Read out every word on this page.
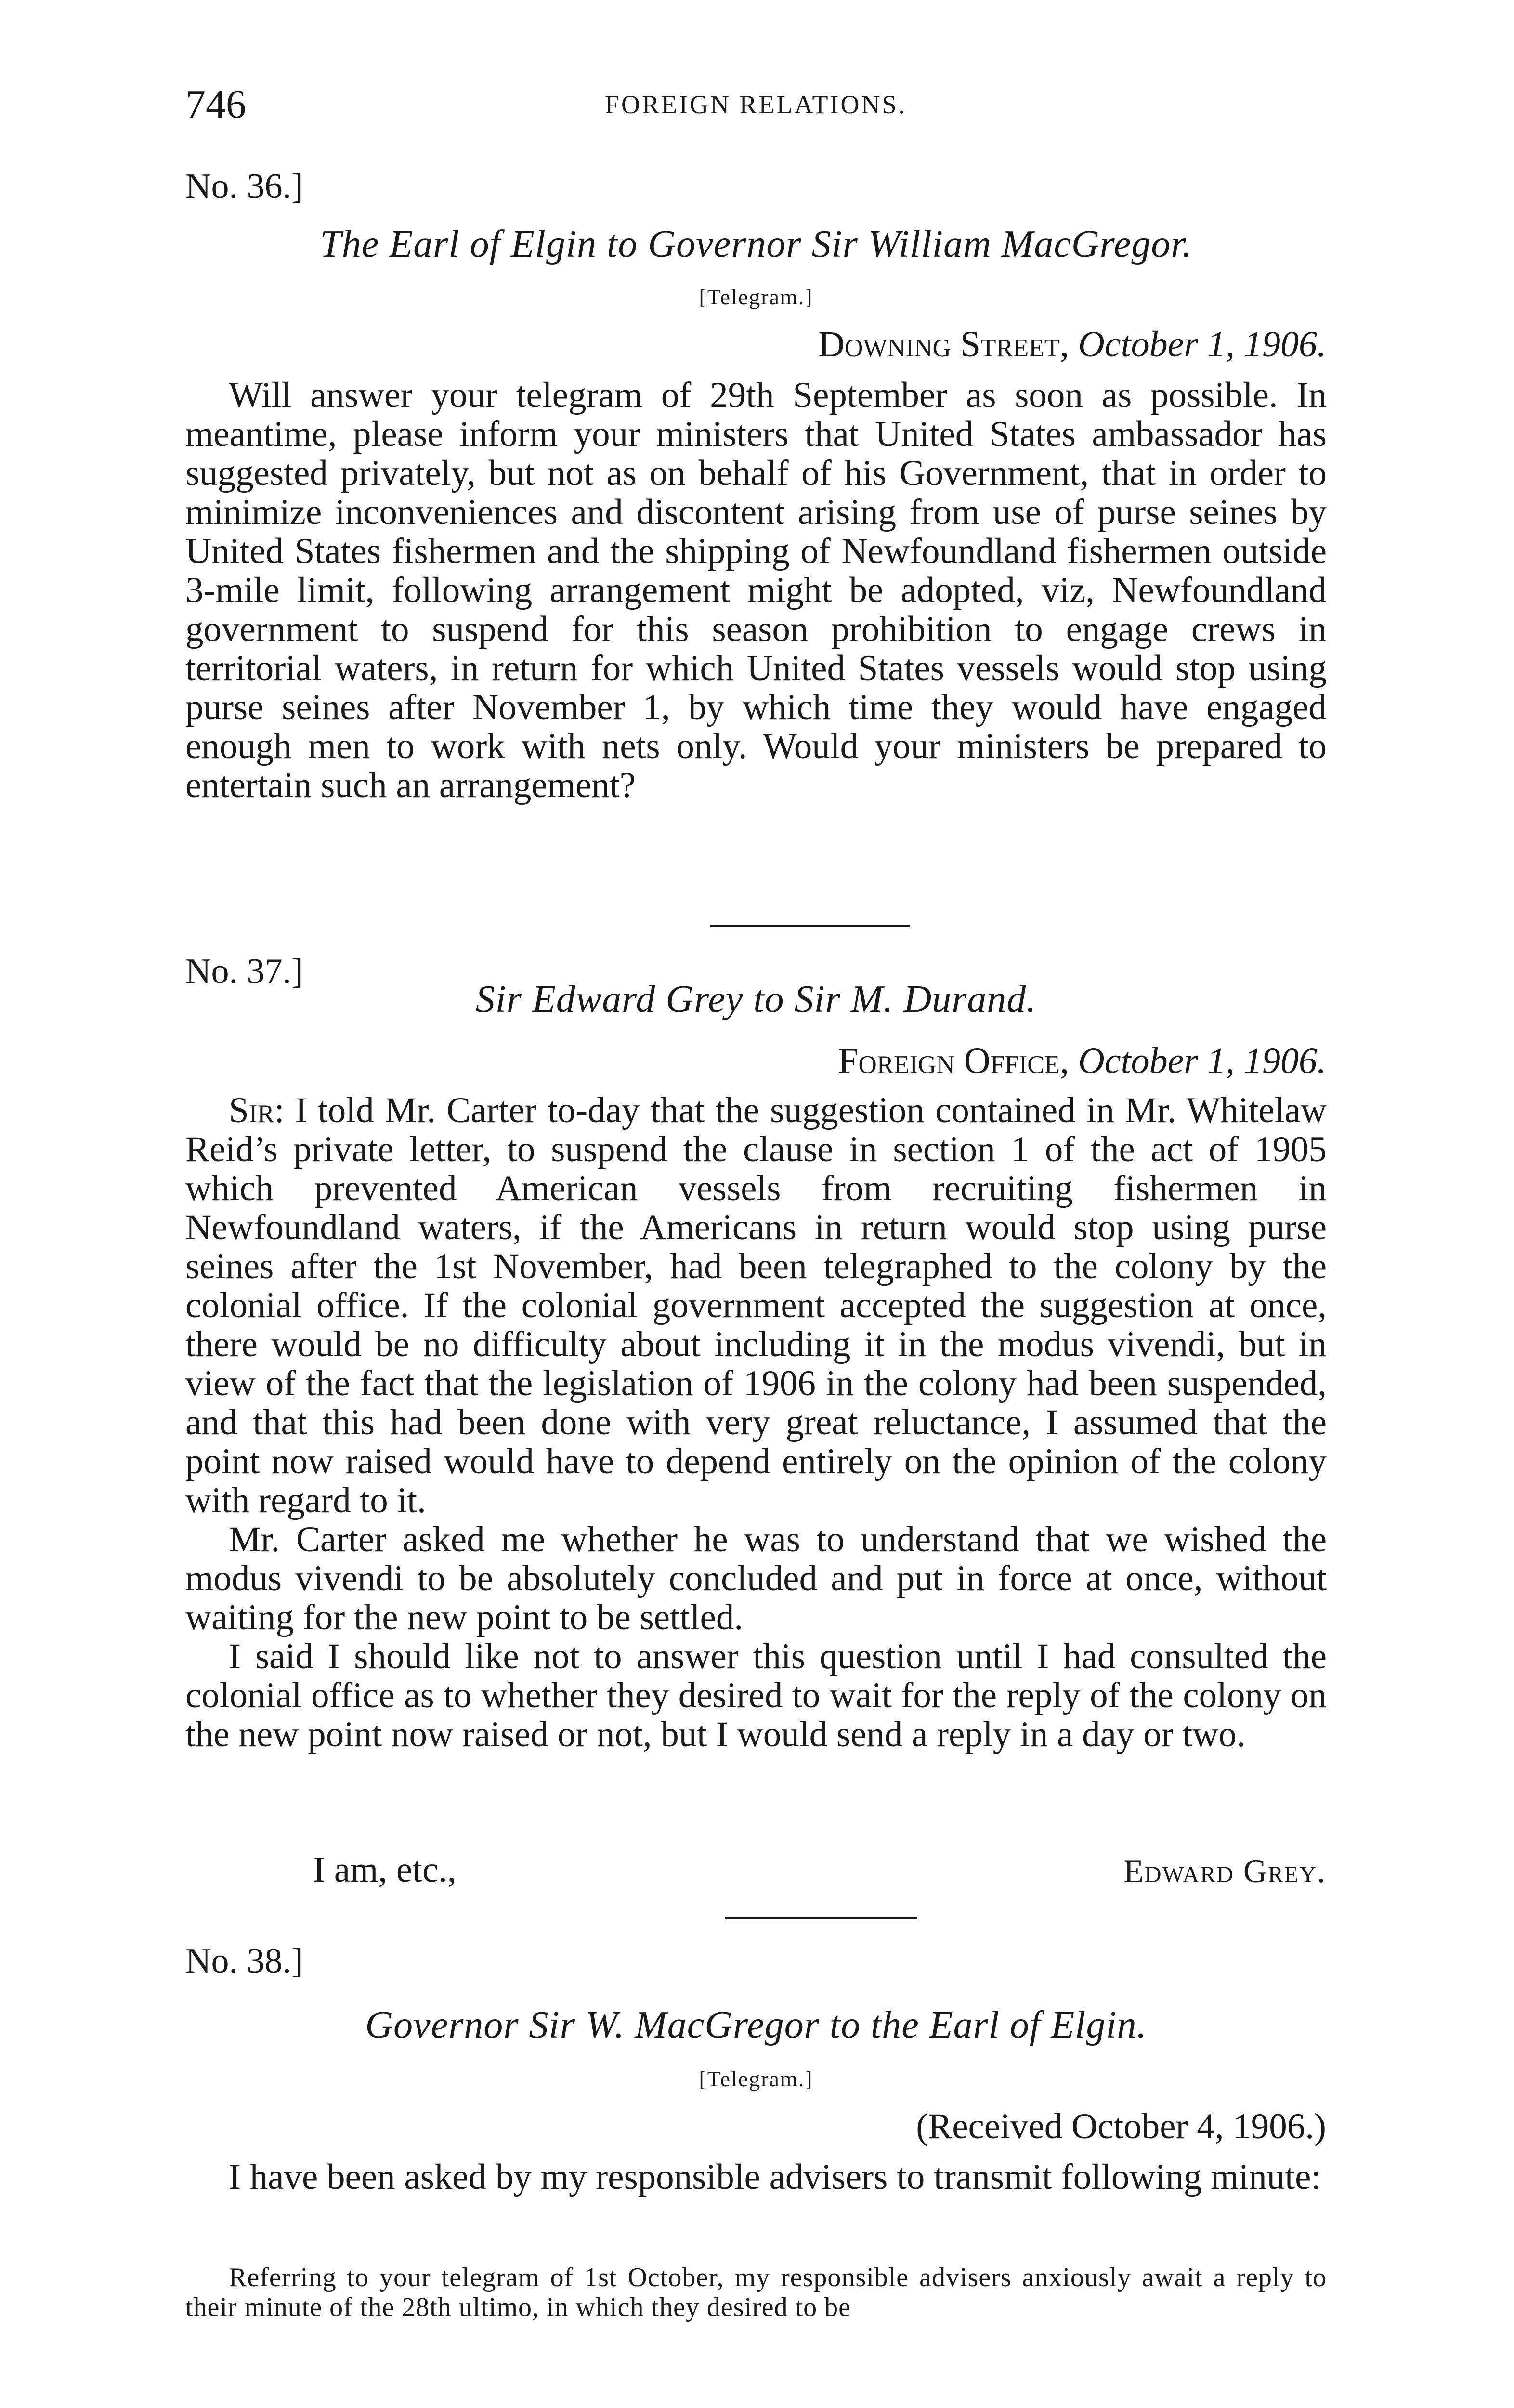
746	FOREIGN RELATIONS.
No. 36.]
The Earl of Elgin to Governor Sir William MacGregor.
[Telegram.]
Downing Street, October 1, 1906.

Will answer your telegram of 29th September as soon as possible. In meantime, please inform your ministers that United States ambassador has suggested privately, but not as on behalf of his Government, that in order to minimize inconveniences and discontent arising from use of purse seines by United States fishermen and the shipping of Newfoundland fishermen outside 3-mile limit, following arrangement might be adopted, viz, Newfoundland government to suspend for this season prohibition to engage crews in territorial waters, in return for which United States vessels would stop using purse seines after November 1, by which time they would have engaged enough men to work with nets only. Would your ministers be prepared to entertain such an arrangement?

No. 37.]
Sir Edward Grey to Sir M. Durand.
Foreign Office, October 1, 1906.

Sir: I told Mr. Carter to-day that the suggestion contained in Mr. Whitelaw Reid’s private letter, to suspend the clause in section 1 of the act of 1905 which prevented American vessels from recruiting fishermen in Newfoundland waters, if the Americans in return would stop using purse seines after the 1st November, had been telegraphed to the colony by the colonial office. If the colonial government accepted the suggestion at once, there would be no difficulty about including it in the modus vivendi, but in view of the fact that the legislation of 1906 in the colony had been suspended, and that this had been done with very great reluctance, I assumed that the point now raised would have to depend entirely on the opinion of the colony with regard to it.

Mr. Carter asked me whether he was to understand that we wished the modus vivendi to be absolutely concluded and put in force at once, without waiting for the new point to be settled.

I said I should like not to answer this question until I had consulted the colonial office as to whether they desired to wait for the reply of the colony on the new point now raised or not, but I would send a reply in a day or two.

I am, etc.,	Edward Grey.
No. 38.]
Governor Sir W. MacGregor to the Earl of Elgin.
[Telegram.]
(Received October 4, 1906.)

I have been asked by my responsible advisers to transmit following minute:

Referring to your telegram of 1st October, my responsible advisers anxiously await a reply to their minute of the 28th ultimo, in which they desired to be
